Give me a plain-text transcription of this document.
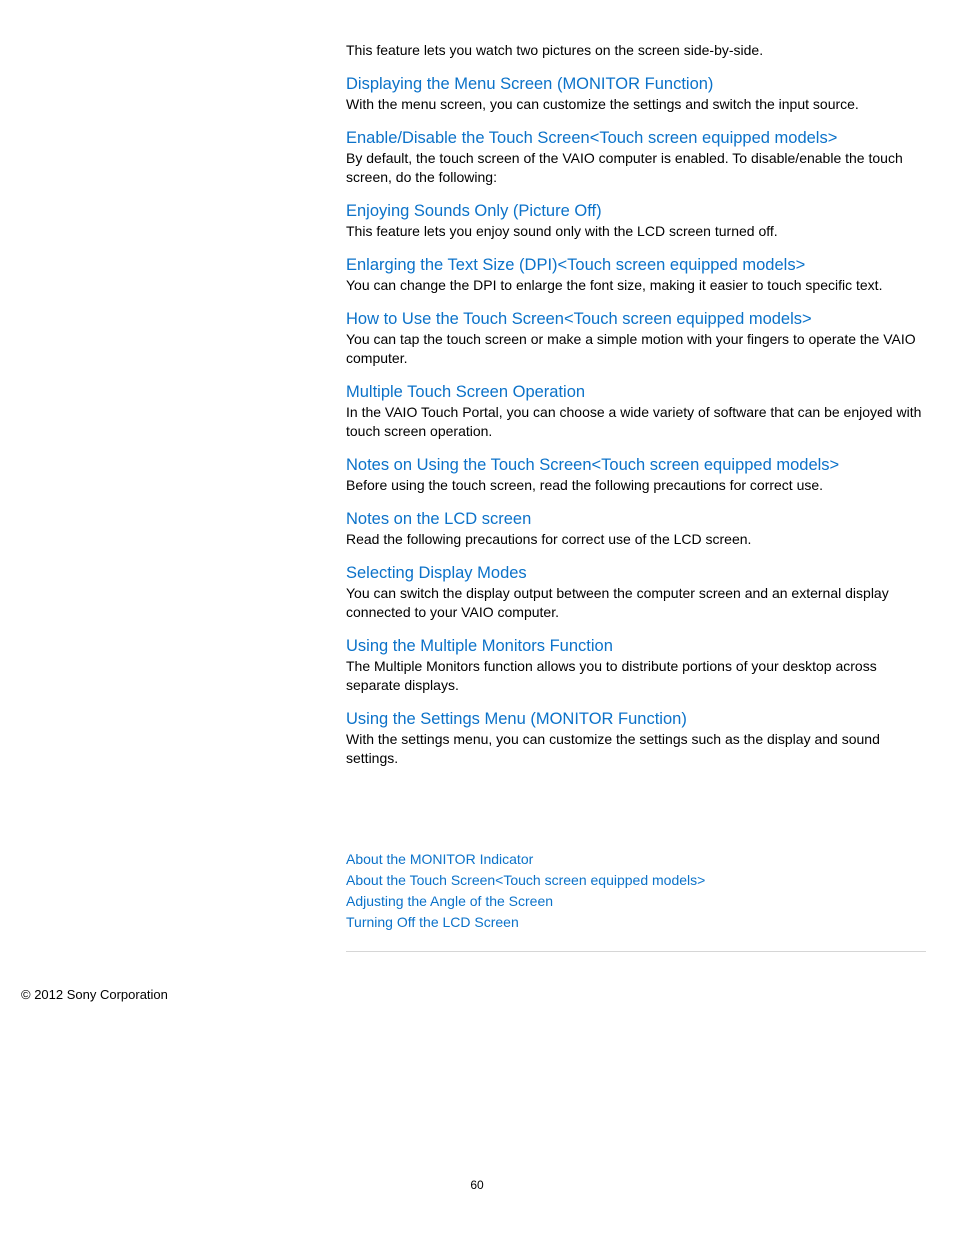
This feature lets you watch two pictures on the screen side-by-side.

Displaying the Menu Screen (MONITOR Function)

With the menu screen, you can customize the settings and switch the input source.

Enable/Disable the Touch Screen<Touch screen equipped models>

By default, the touch screen of the VAIO computer is enabled. To disable/enable the touch screen, do the following:

Enjoying Sounds Only (Picture Off)

This feature lets you enjoy sound only with the LCD screen turned off.

Enlarging the Text Size (DPI)<Touch screen equipped models>

You can change the DPI to enlarge the font size, making it easier to touch specific text.

How to Use the Touch Screen<Touch screen equipped models>

You can tap the touch screen or make a simple motion with your fingers to operate the VAIO computer.

Multiple Touch Screen Operation

In the VAIO Touch Portal, you can choose a wide variety of software that can be enjoyed with touch screen operation.

Notes on Using the Touch Screen<Touch screen equipped models>

Before using the touch screen, read the following precautions for correct use.

Notes on the LCD screen

Read the following precautions for correct use of the LCD screen.

Selecting Display Modes

You can switch the display output between the computer screen and an external display connected to your VAIO computer.

Using the Multiple Monitors Function

The Multiple Monitors function allows you to distribute portions of your desktop across separate displays.

Using the Settings Menu (MONITOR Function)

With the settings menu, you can customize the settings such as the display and sound settings.

About the MONITOR Indicator
About the Touch Screen<Touch screen equipped models>
Adjusting the Angle of the Screen
Turning Off the LCD Screen

© 2012 Sony Corporation

60
